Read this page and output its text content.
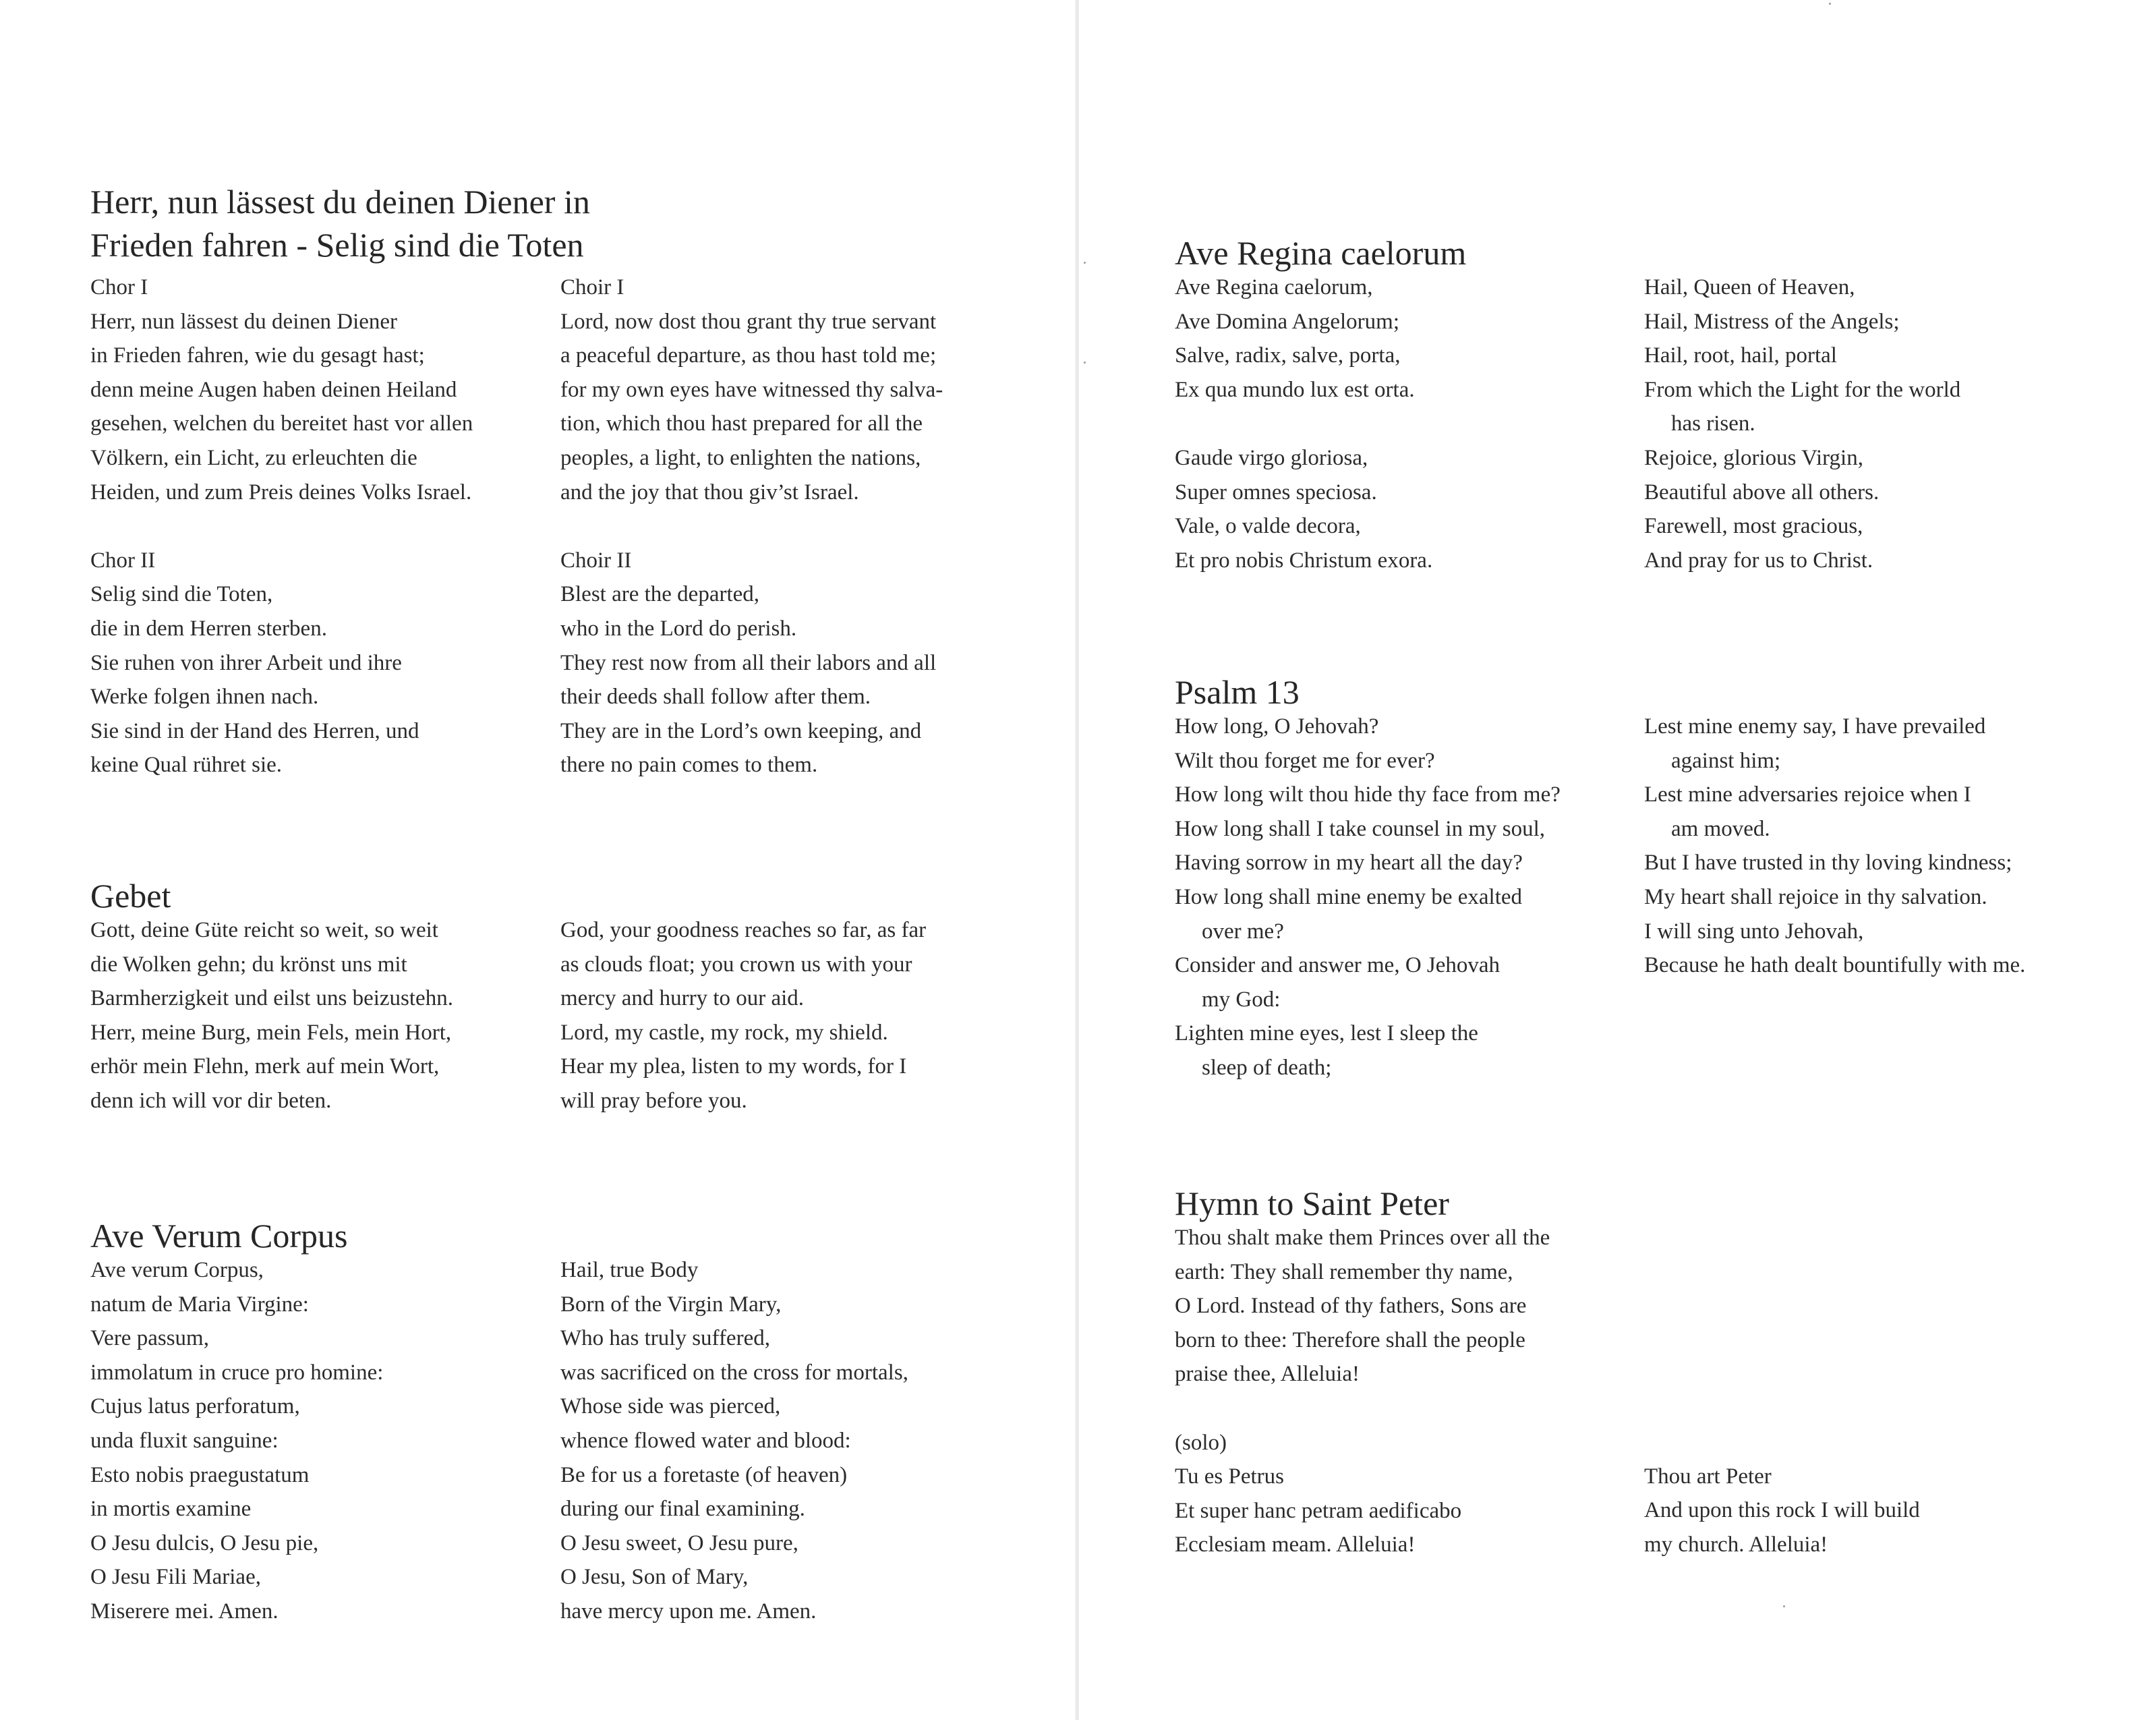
Herr, nun lässest du deinen Diener in
Frieden fahren - Selig sind die Toten
Chor I
Herr, nun lässest du deinen Diener
in Frieden fahren, wie du gesagt hast;
denn meine Augen haben deinen Heiland
gesehen, welchen du bereitet hast vor allen
Völkern, ein Licht, zu erleuchten die
Heiden, und zum Preis deines Volks Israel.
Chor II
Selig sind die Toten,
die in dem Herren sterben.
Sie ruhen von ihrer Arbeit und ihre
Werke folgen ihnen nach.
Sie sind in der Hand des Herren, und
keine Qual rühret sie.
Choir I
Lord, now dost thou grant thy true servant
a peaceful departure, as thou hast told me;
for my own eyes have witnessed thy salva-
tion, which thou hast prepared for all the
peoples, a light, to enlighten the nations,
and the joy that thou giv’st Israel.
Choir II
Blest are the departed,
who in the Lord do perish.
They rest now from all their labors and all
their deeds shall follow after them.
They are in the Lord’s own keeping, and
there no pain comes to them.
Gebet
Gott, deine Güte reicht so weit, so weit
die Wolken gehn; du krönst uns mit
Barmherzigkeit und eilst uns beizustehn.
Herr, meine Burg, mein Fels, mein Hort,
erhör mein Flehn, merk auf mein Wort,
denn ich will vor dir beten.
God, your goodness reaches so far, as far
as clouds float; you crown us with your
mercy and hurry to our aid.
Lord, my castle, my rock, my shield.
Hear my plea, listen to my words, for I
will pray before you.
Ave Verum Corpus
Ave verum Corpus,
natum de Maria Virgine:
Vere passum,
immolatum in cruce pro homine:
Cujus latus perforatum,
unda fluxit sanguine:
Esto nobis praegustatum
in mortis examine
O Jesu dulcis, O Jesu pie,
O Jesu Fili Mariae,
Miserere mei. Amen.
Hail, true Body
Born of the Virgin Mary,
Who has truly suffered,
was sacrificed on the cross for mortals,
Whose side was pierced,
whence flowed water and blood:
Be for us a foretaste (of heaven)
during our final examining.
O Jesu sweet, O Jesu pure,
O Jesu, Son of Mary,
have mercy upon me. Amen.
Ave Regina caelorum
Ave Regina caelorum,
Ave Domina Angelorum;
Salve, radix, salve, porta,
Ex qua mundo lux est orta.
Gaude virgo gloriosa,
Super omnes speciosa.
Vale, o valde decora,
Et pro nobis Christum exora.
Hail, Queen of Heaven,
Hail, Mistress of the Angels;
Hail, root, hail, portal
From which the Light for the world
has risen.
Rejoice, glorious Virgin,
Beautiful above all others.
Farewell, most gracious,
And pray for us to Christ.
Psalm 13
How long, O Jehovah?
Wilt thou forget me for ever?
How long wilt thou hide thy face from me?
How long shall I take counsel in my soul,
Having sorrow in my heart all the day?
How long shall mine enemy be exalted
over me?
Consider and answer me, O Jehovah
my God:
Lighten mine eyes, lest I sleep the
sleep of death;
Lest mine enemy say, I have prevailed
against him;
Lest mine adversaries rejoice when I
am moved.
But I have trusted in thy loving kindness;
My heart shall rejoice in thy salvation.
I will sing unto Jehovah,
Because he hath dealt bountifully with me.
Hymn to Saint Peter
Thou shalt make them Princes over all the
earth: They shall remember thy name,
O Lord. Instead of thy fathers, Sons are
born to thee: Therefore shall the people
praise thee, Alleluia!
(solo)
Tu es Petrus
Et super hanc petram aedificabo
Ecclesiam meam. Alleluia!
Thou art Peter
And upon this rock I will build
my church. Alleluia!
